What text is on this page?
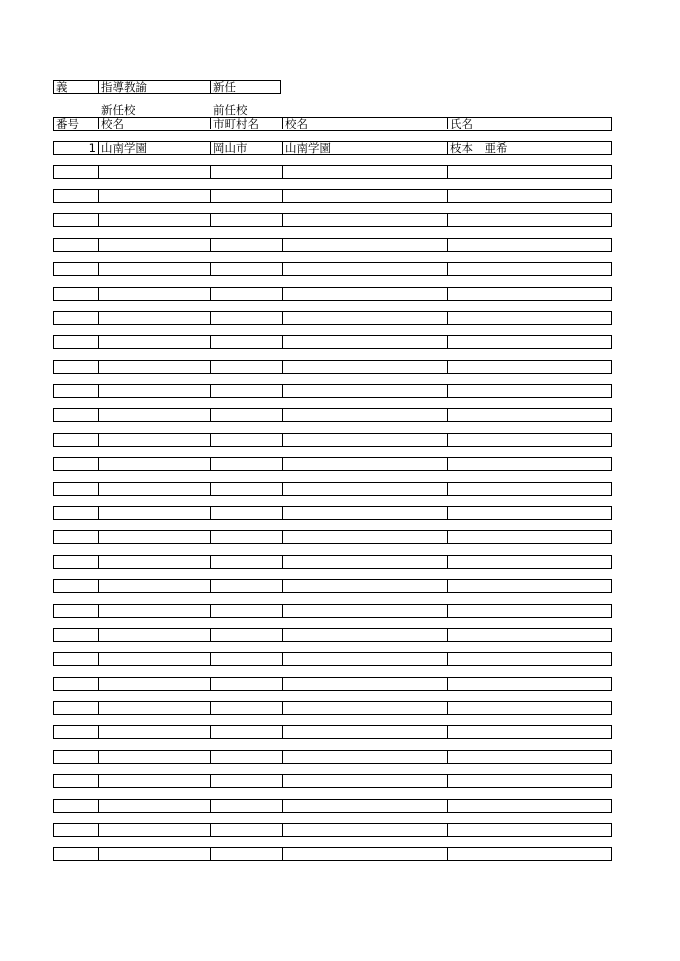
義	指導教諭	新任
新任校	前任校
番号	校名	市町村名	校名	氏名
1 山南学園	岡山市	山南学園	枝本　亜希
